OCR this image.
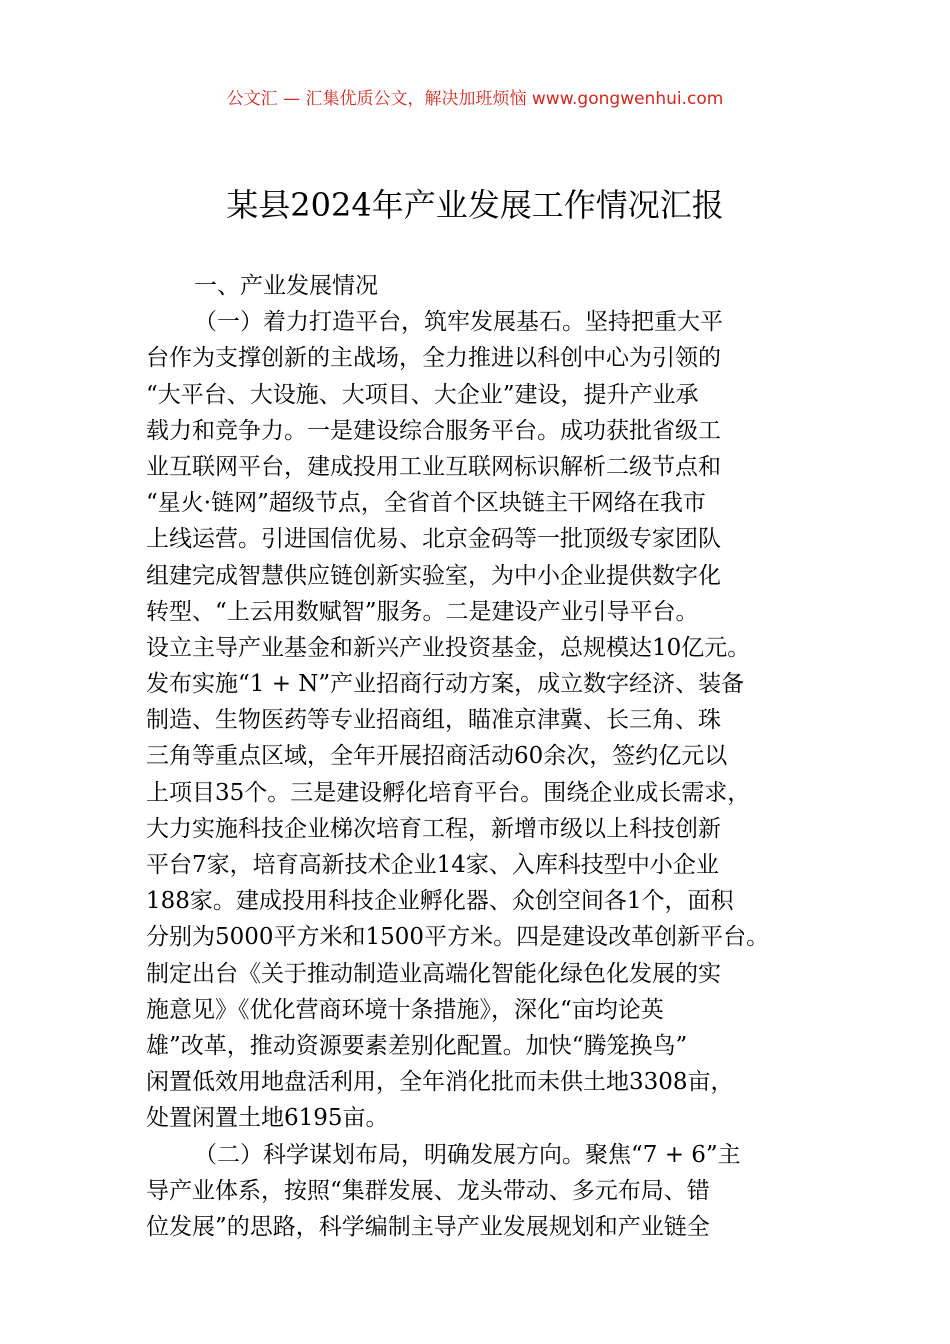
公文汇 — 汇集优质公文，解决加班烦恼 www.gongwenhui.com
某县2024年产业发展工作情况汇报
一、产业发展情况
（一）着力打造平台，筑牢发展基石。坚持把重大平
台作为支撑创新的主战场，全力推进以科创中心为引领的
“大平台、大设施、大项目、大企业”建设，提升产业承
载力和竞争力。一是建设综合服务平台。成功获批省级工
业互联网平台，建成投用工业互联网标识解析二级节点和
“星火·链网”超级节点，全省首个区块链主干网络在我市
上线运营。引进国信优易、北京金码等一批顶级专家团队
组建完成智慧供应链创新实验室，为中小企业提供数字化
转型、“上云用数赋智”服务。二是建设产业引导平台。
设立主导产业基金和新兴产业投资基金，总规模达10亿元。
发布实施“1 + N”产业招商行动方案，成立数字经济、装备
制造、生物医药等专业招商组，瞄准京津冀、长三角、珠
三角等重点区域，全年开展招商活动60余次，签约亿元以
上项目35个。三是建设孵化培育平台。围绕企业成长需求，
大力实施科技企业梯次培育工程，新增市级以上科技创新
平台7家，培育高新技术企业14家、入库科技型中小企业
188家。建成投用科技企业孵化器、众创空间各1个，面积
分别为5000平方米和1500平方米。四是建设改革创新平台。
制定出台《关于推动制造业高端化智能化绿色化发展的实
施意见》《优化营商环境十条措施》，深化“亩均论英
雄”改革，推动资源要素差别化配置。加快“腾笼换鸟”
闲置低效用地盘活利用，全年消化批而未供土地3308亩，
处置闲置土地6195亩。
（二）科学谋划布局，明确发展方向。聚焦“7 + 6”主
导产业体系，按照“集群发展、龙头带动、多元布局、错
位发展”的思路，科学编制主导产业发展规划和产业链全
